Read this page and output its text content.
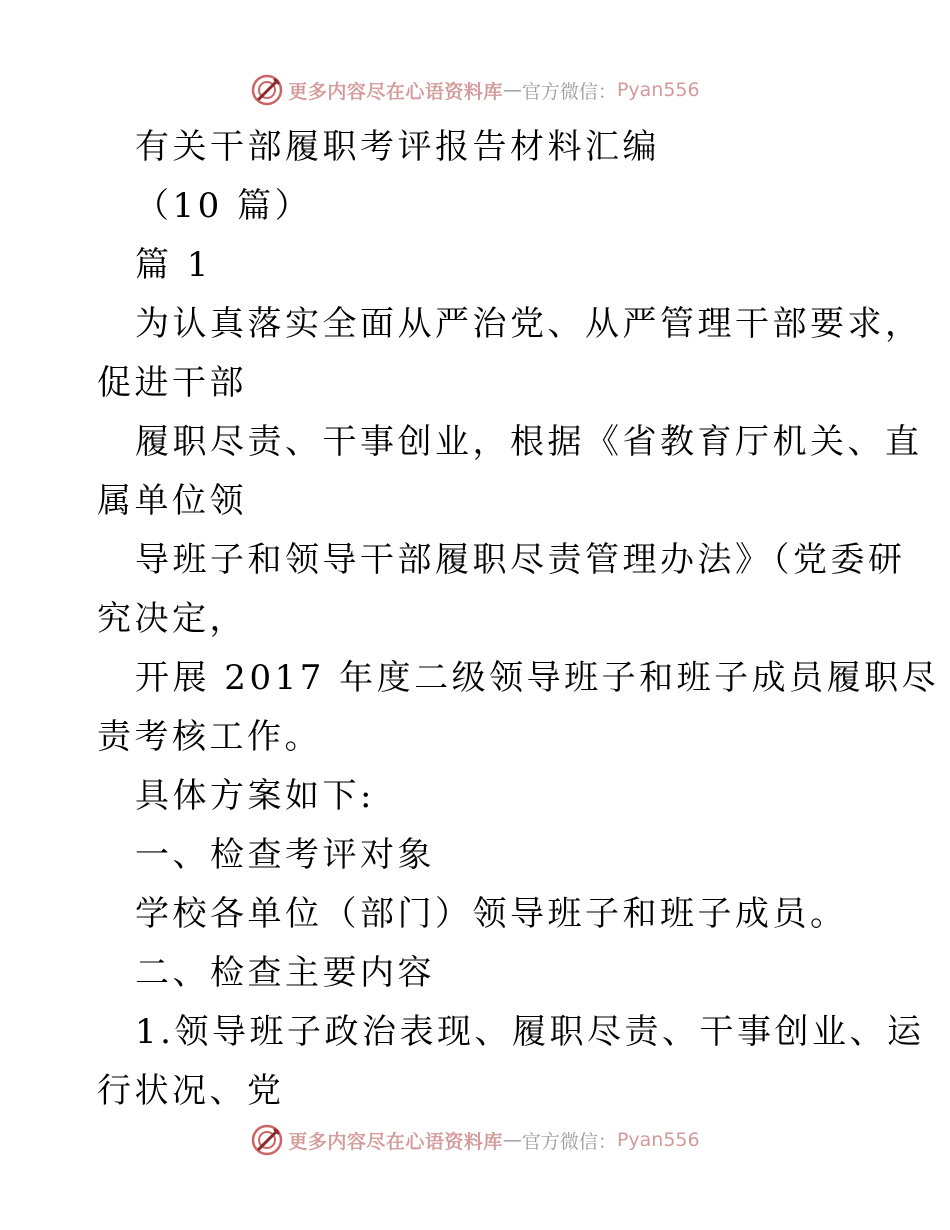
更多内容尽在心语资料库 — 官方微信： Pyan556
有关干部履职考评报告材料汇编
（10 篇）
篇 1
为认真落实全面从严治党、从严管理干部要求，
促进干部
履职尽责、干事创业，根据《省教育厅机关、直
属单位领
导班子和领导干部履职尽责管理办法》（党委研
究决定，
开展 2017 年度二级领导班子和班子成员履职尽
责考核工作。
具体方案如下:
一、检查考评对象
学校各单位（部门）领导班子和班子成员。
二、检查主要内容
1.领导班子政治表现、履职尽责、干事创业、运
行状况、党
更多内容尽在心语资料库 — 官方微信： Pyan556
